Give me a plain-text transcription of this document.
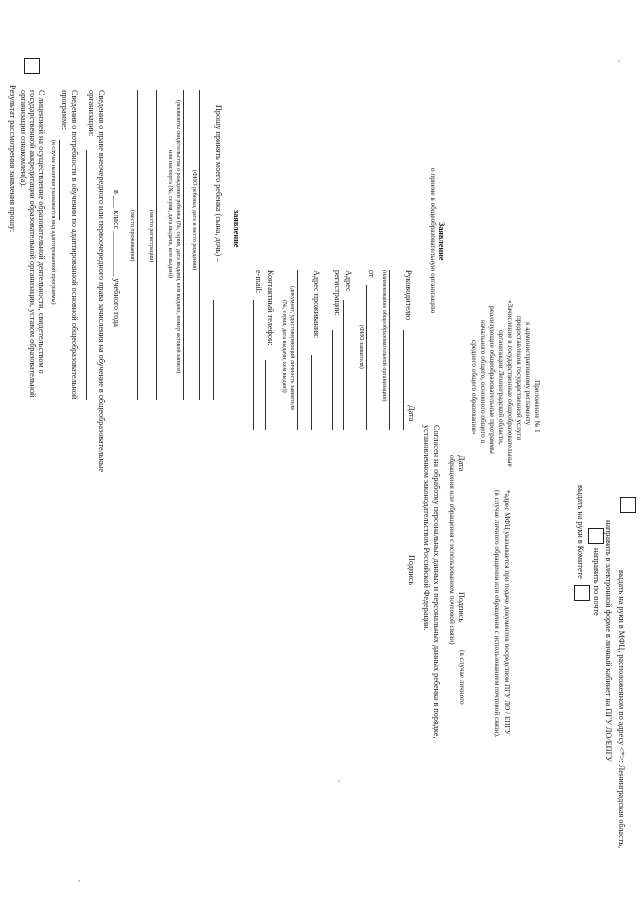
Приложение № 1
к административному регламенту
предоставления государственной услуги
«Зачисление в государственные общеобразовательные
организации Ленинградской области,
реализующие общеобразовательные программы
начального общего, основного общего и
среднего общего образования»
Заявление
о приеме в общеобразовательную организацию
Руководителю
(наименование общеобразовательной организации)
от
(ФИО заявителя)
Адрес
регистрации:
Адрес проживания:
(документ, удостоверяющий личность заявителя
(№, серия, дата выдачи, кем выдан))
Контактный телефон:
e-mail:
заявление
Прошу принять моего ребенка (сына, дочь) –
(ФИО ребенка, дата и место рождения)
(реквизиты свидетельства о рождении ребенка (№, серия, дата выдачи, кем выдано, номер актовой записи)
или паспорта (№, серия, дата выдачи, кем выдан))
(место регистрации)
(место проживания)
в ___ класс ___________ учебного года
Сведения о праве внеочередного или первоочередного права зачисления на обучение в общеобразовательные
организации:
Сведения о потребности в обучении по адаптированной основной общеобразовательной
программе:
(в случае наличия указывается вид адаптированной программы)
С лицензией на осуществление образовательной деятельности, свидетельством о
государственной аккредитации образовательной организации, уставом образовательной
организации ознакомлен(а).
Результат рассмотрения заявления прошу:
выдать на руки в Комитете
выдать на руки в МФЦ, расположенном по адресу <*>: Ленинградская область,
направить по почте направить в электронной форме в личный кабинет на ПГУ ЛО/ЕПГУ
*адрес МФЦ указывается при подаче документов посредством ПГУ ЛО / ЕПГУ
(в случае личного обращения или обращения с использованием почтовой связи).
Дата
Подпись
(в случае личного
обращения или обращения с использованием почтовой связи)
Согласен на обработку персональных данных и персональных данных ребенка в порядке,
установленном законодательством Российской Федерации.
Дата
Подпись
